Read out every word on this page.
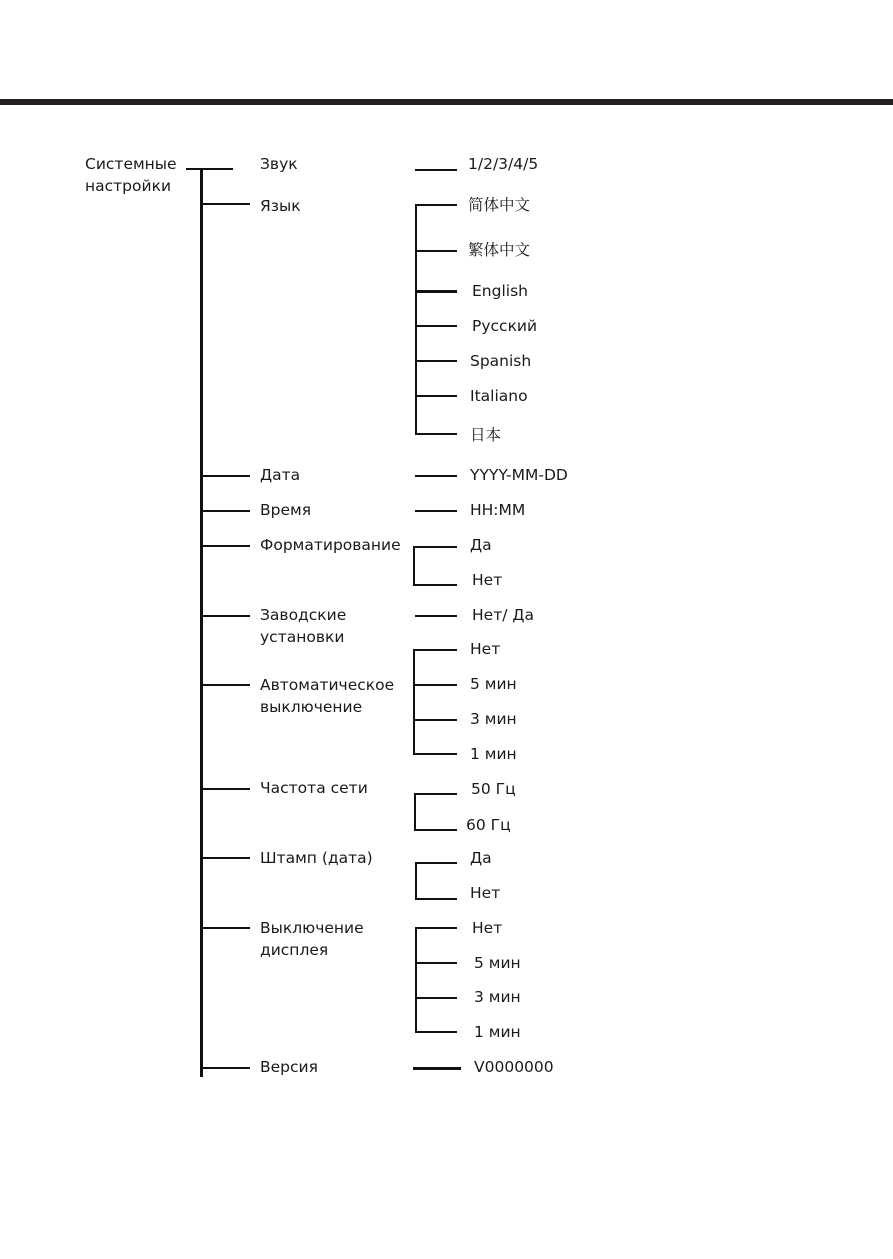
Системные
настройки
Звук	1/2/3/4/5
Язык	简体中文
繁体中文
English
Русский
Spanish
Italiano
日本
Дата	YYYY-MM-DD
Время	HH:MM
Форматирование	Да
Нет
Заводские
установки
Нет/ Да
Автоматическое
выключение
Нет
5 мин
3 мин
1 мин
Частота сети	50 Гц
60 Гц
Штамп (дата)	Да
Нет
Выключение
дисплея
Нет
5 мин
3 мин
1 мин
Версия	V0000000
